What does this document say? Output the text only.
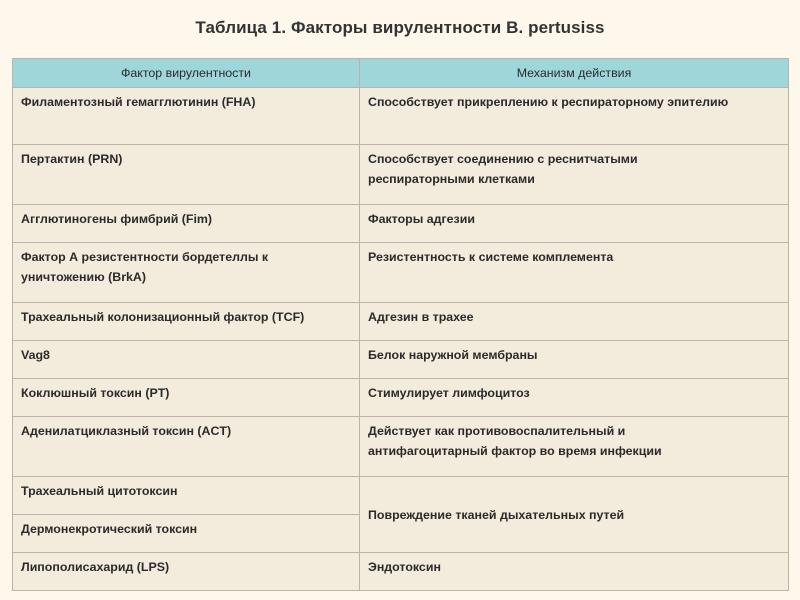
Таблица 1. Факторы вирулентности B. pertusiss
Фактор вирулентности	Механизм действия
Филаментозный гемагглютинин (FHA)	Способствует прикреплению к респираторному эпителию
Пертактин (PRN)	Способствует соединению с реснитчатыми
респираторными клетками
Агглютиногены фимбрий (Fim)	Факторы адгезии
Фактор А резистентности бордетеллы к
уничтожению (BrkA)	Резистентность к системе комплемента
Трахеальный колонизационный фактор (TCF)	Адгезин в трахее
Vag8	Белок наружной мембраны
Коклюшный токсин (PT)	Стимулирует лимфоцитоз
Аденилатциклазный токсин (ACT)	Действует как противовоспалительный и
антифагоцитарный фактор во время инфекции
Трахеальный цитотоксин	Повреждение тканей дыхательных путей
Дермонекротический токсин	
Липополисахарид (LPS)	Эндотоксин
